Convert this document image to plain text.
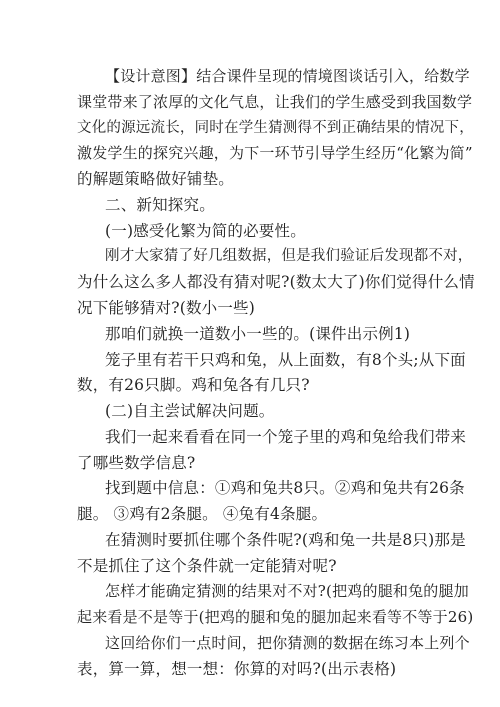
【设计意图】结合课件呈现的情境图谈话引入，给数学
课堂带来了浓厚的文化气息，让我们的学生感受到我国数学
文化的源远流长，同时在学生猜测得不到正确结果的情况下，
激发学生的探究兴趣，为下一环节引导学生经历“化繁为简”
的解题策略做好铺垫。
二、新知探究。
(一)感受化繁为简的必要性。
刚才大家猜了好几组数据，但是我们验证后发现都不对，
为什么这么多人都没有猜对呢?(数太大了)你们觉得什么情
况下能够猜对?(数小一些)
那咱们就换一道数小一些的。(课件出示例1)
笼子里有若干只鸡和兔，从上面数，有8个头;从下面
数，有26只脚。鸡和兔各有几只?
(二)自主尝试解决问题。
我们一起来看看在同一个笼子里的鸡和兔给我们带来
了哪些数学信息?
找到题中信息：①鸡和兔共8只。②鸡和兔共有26条
腿。 ③鸡有2条腿。 ④兔有4条腿。
在猜测时要抓住哪个条件呢?(鸡和兔一共是8只)那是
不是抓住了这个条件就一定能猜对呢?
怎样才能确定猜测的结果对不对?(把鸡的腿和兔的腿加
起来看是不是等于(把鸡的腿和兔的腿加起来看等不等于26)
这回给你们一点时间，把你猜测的数据在练习本上列个
表，算一算，想一想：你算的对吗?(出示表格)
